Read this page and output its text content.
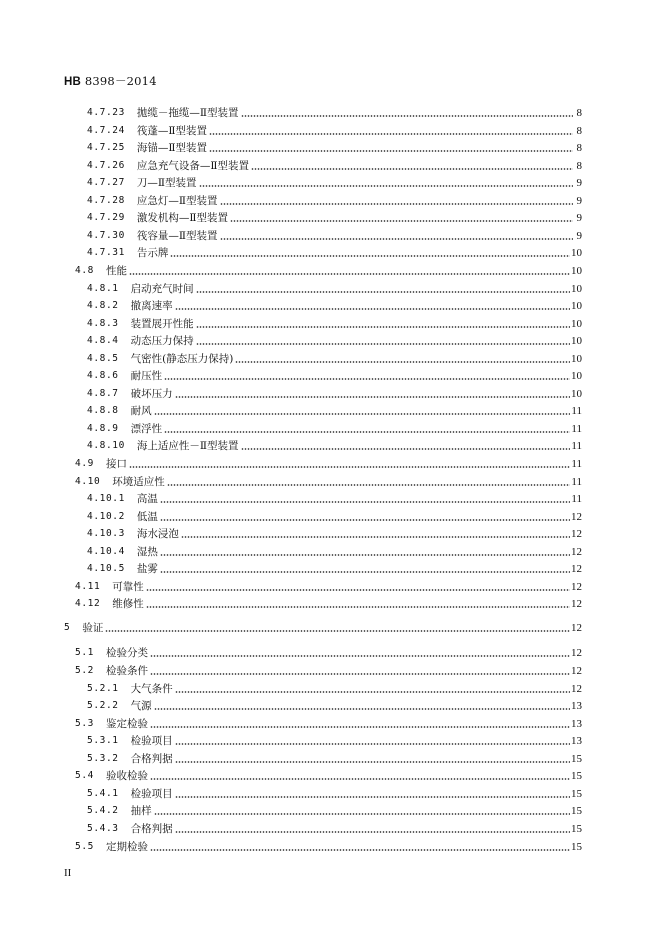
HB 8398－2014
4.7.23 拋缆－拖缆—Ⅱ型装置	8
4.7.24 筏蓬—Ⅱ型装置	8
4.7.25 海锚—Ⅱ型装置	8
4.7.26 应急充气设备—Ⅱ型装置	8
4.7.27 刀—Ⅱ型装置	9
4.7.28 应急灯—Ⅱ型装置	9
4.7.29 激发机构—Ⅱ型装置	9
4.7.30 筏容量—Ⅱ型装置	9
4.7.31 告示牌	10
4.8 性能	10
4.8.1 启动充气时间	10
4.8.2 撤离速率	10
4.8.3 装置展开性能	10
4.8.4 动态压力保持	10
4.8.5 气密性(静态压力保持)	10
4.8.6 耐压性	10
4.8.7 破坏压力	10
4.8.8 耐风	11
4.8.9 漂浮性	11
4.8.10 海上适应性－Ⅱ型装置	11
4.9 接口	11
4.10 环境适应性	11
4.10.1 高温	11
4.10.2 低温	12
4.10.3 海水浸泡	12
4.10.4 湿热	12
4.10.5 盐雾	12
4.11 可靠性	12
4.12 维修性	12
5 验证	12
5.1 检验分类	12
5.2 检验条件	12
5.2.1 大气条件	12
5.2.2 气源	13
5.3 鉴定检验	13
5.3.1 检验项目	13
5.3.2 合格判据	15
5.4 验收检验	15
5.4.1 检验项目	15
5.4.2 抽样	15
5.4.3 合格判据	15
5.5 定期检验	15
II
